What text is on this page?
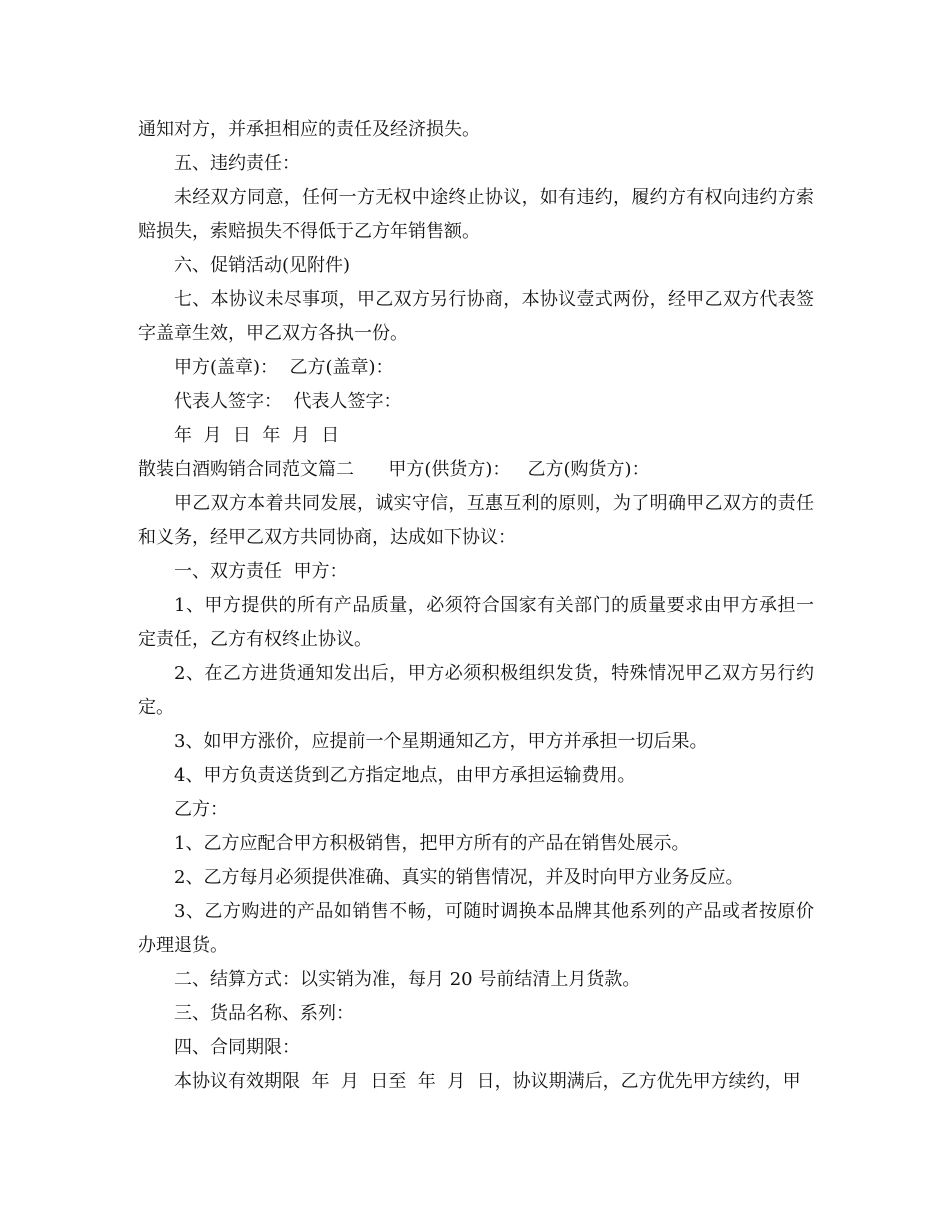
通知对方，并承担相应的责任及经济损失。

五、违约责任：

未经双方同意，任何一方无权中途终止协议，如有违约，履约方有权向违约方索赔损失，索赔损失不得低于乙方年销售额。

六、促销活动(见附件)

七、本协议未尽事项，甲乙双方另行协商，本协议壹式两份，经甲乙双方代表签字盖章生效，甲乙双方各执一份。

甲方(盖章)：  乙方(盖章)：

代表人签字：  代表人签字：

年  月  日  年  月  日

散装白酒购销合同范文篇二      甲方(供货方)：   乙方(购货方)：

甲乙双方本着共同发展，诚实守信，互惠互利的原则，为了明确甲乙双方的责任和义务，经甲乙双方共同协商，达成如下协议：

一、双方责任  甲方：

1、甲方提供的所有产品质量，必须符合国家有关部门的质量要求由甲方承担一定责任，乙方有权终止协议。

2、在乙方进货通知发出后，甲方必须积极组织发货，特殊情况甲乙双方另行约定。

3、如甲方涨价，应提前一个星期通知乙方，甲方并承担一切后果。

4、甲方负责送货到乙方指定地点，由甲方承担运输费用。

乙方：

1、乙方应配合甲方积极销售，把甲方所有的产品在销售处展示。

2、乙方每月必须提供准确、真实的销售情况，并及时向甲方业务反应。

3、乙方购进的产品如销售不畅，可随时调换本品牌其他系列的产品或者按原价办理退货。

二、结算方式：以实销为准，每月 20 号前结清上月货款。

三、货品名称、系列：

四、合同期限：

本协议有效期限  年  月  日至  年  月  日，协议期满后，乙方优先甲方续约，甲
